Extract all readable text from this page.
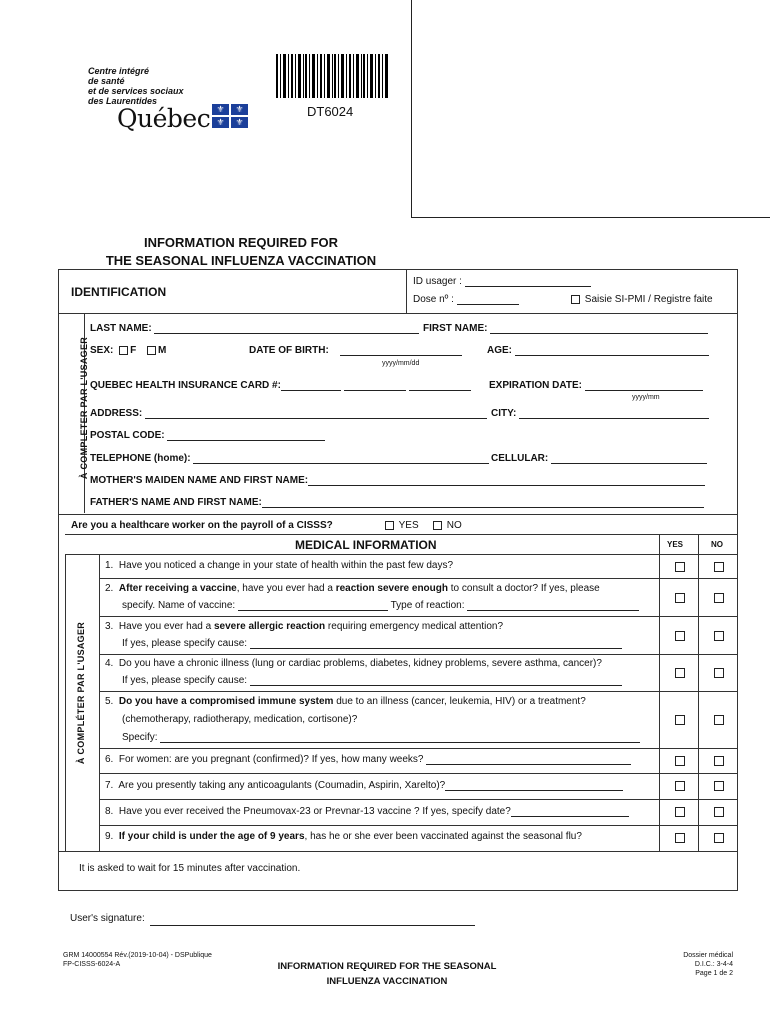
Centre intégré
de santé
et de services sociaux
des Laurentides
Québec ⚜	⚜
⚜	⚜
DT6024
INFORMATION REQUIRED FOR
THE SEASONAL INFLUENZA VACCINATION
IDENTIFICATION
ID usager :
Dose nº :	Saisie SI-PMI / Registre faite
À COMPLETER PAR L'USAGER
LAST NAME:	FIRST NAME:
SEX: F M	DATE OF BIRTH:
yyyy/mm/dd
AGE:
QUEBEC HEALTH INSURANCE CARD #:	EXPIRATION DATE:
yyyy/mm
ADDRESS:	CITY:
POSTAL CODE:
TELEPHONE (home):	CELLULAR:
MOTHER'S MAIDEN NAME AND FIRST NAME:
FATHER'S NAME AND FIRST NAME:
Are you a healthcare worker on the payroll of a CISSS?	YES	NO
MEDICAL INFORMATION	YES	NO
À COMPLÉTER PAR L'USAGER
1. Have you noticed a change in your state of health within the past few days?
2. After receiving a vaccine, have you ever had a reaction severe enough to consult a doctor? If yes, please
specify. Name of vaccine:	Type of reaction:
3. Have you ever had a severe allergic reaction requiring emergency medical attention?
If yes, please specify cause:
4. Do you have a chronic illness (lung or cardiac problems, diabetes, kidney problems, severe asthma, cancer)?
If yes, please specify cause:
5. Do you have a compromised immune system due to an illness (cancer, leukemia, HIV) or a treatment?
(chemotherapy, radiotherapy, medication, cortisone)?
Specify:
6. For women: are you pregnant (confirmed)? If yes, how many weeks?
7. Are you presently taking any anticoagulants (Coumadin, Aspirin, Xarelto)?
8. Have you ever received the Pneumovax-23 or Prevnar-13 vaccine ? If yes, specify date?
9. If your child is under the age of 9 years, has he or she ever been vaccinated against the seasonal flu?
It is asked to wait for 15 minutes after vaccination.
User's signature:
GRM 14000554 Rév.(2019-10-04) - DSPublique
FP-CISSS-6024-A	INFORMATION REQUIRED FOR THE SEASONAL
INFLUENZA VACCINATION
Dossier médical
D.I.C.: 3-4-4
Page 1 de 2
